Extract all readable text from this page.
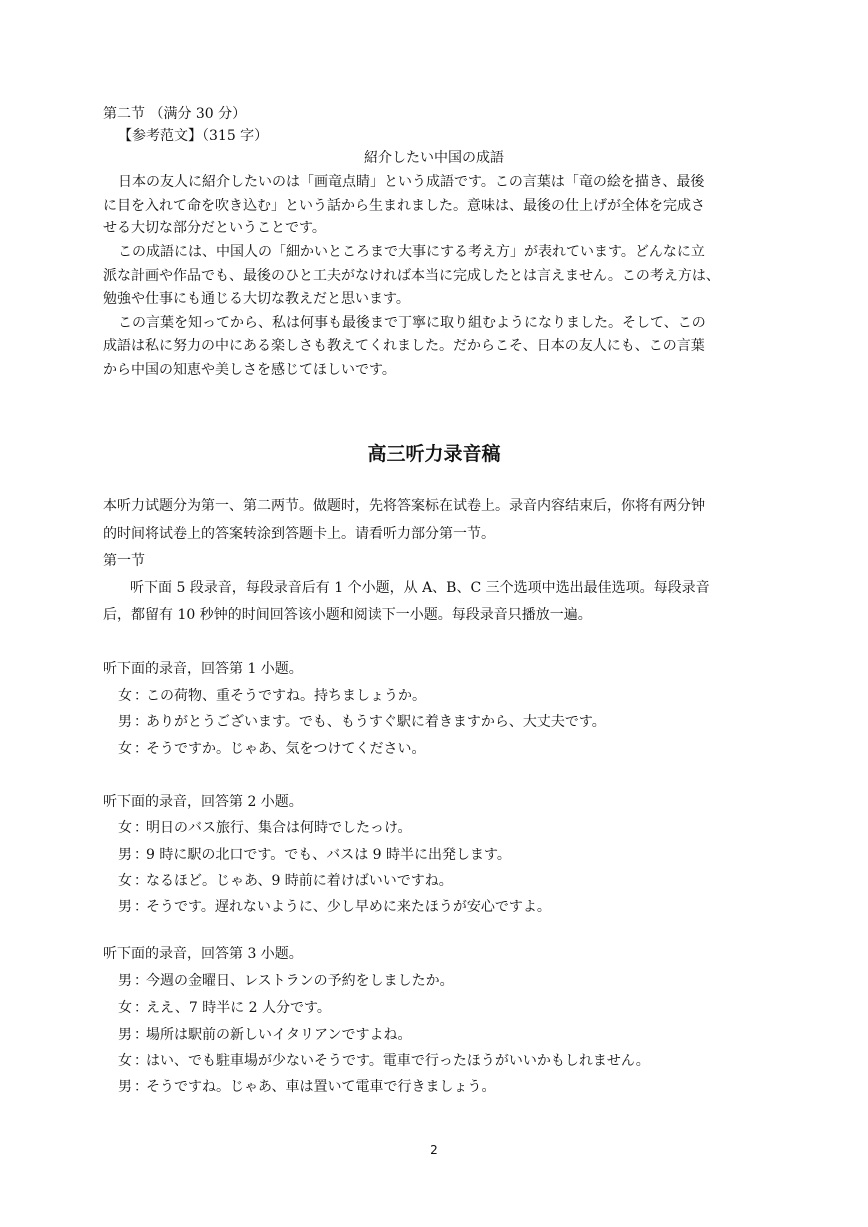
第二节 （满分 30 分）
【参考范文】（315 字）
紹介したい中国の成語
日本の友人に紹介したいのは「画竜点睛」という成語です。この言葉は「竜の絵を描き、最後
に目を入れて命を吹き込む」という話から生まれました。意味は、最後の仕上げが全体を完成さ
せる大切な部分だということです。
この成語には、中国人の「細かいところまで大事にする考え方」が表れています。どんなに立
派な計画や作品でも、最後のひと工夫がなければ本当に完成したとは言えません。この考え方は、
勉強や仕事にも通じる大切な教えだと思います。
この言葉を知ってから、私は何事も最後まで丁寧に取り組むようになりました。そして、この
成語は私に努力の中にある楽しさも教えてくれました。だからこそ、日本の友人にも、この言葉
から中国の知恵や美しさを感じてほしいです。
高三听力录音稿
本听力试题分为第一、第二两节。做题时，先将答案标在试卷上。录音内容结束后，你将有两分钟
的时间将试卷上的答案转涂到答题卡上。请看听力部分第一节。
第一节
听下面 5 段录音，每段录音后有 1 个小题，从 A、B、C 三个选项中选出最佳选项。每段录音
后，都留有 10 秒钟的时间回答该小题和阅读下一小题。每段录音只播放一遍。
听下面的录音，回答第 1 小题。
女 ：この荷物、重そうですね。持ちましょうか。
男 ：ありがとうございます。でも、もうすぐ駅に着きますから、大丈夫です。
女 ：そうですか。じゃあ、気をつけてください。
听下面的录音，回答第 2 小题。
女 ：明日のバス旅行、集合は何時でしたっけ。
男 ：9 時に駅の北口です。でも、バスは 9 時半に出発します。
女 ：なるほど。じゃあ、9 時前に着けばいいですね。
男 ：そうです。遅れないように、少し早めに来たほうが安心ですよ。
听下面的录音，回答第 3 小题。
男 ：今週の金曜日、レストランの予約をしましたか。
女 ：ええ、7 時半に 2 人分です。
男 ：場所は駅前の新しいイタリアンですよね。
女 ：はい、でも駐車場が少ないそうです。電車で行ったほうがいいかもしれません。
男 ：そうですね。じゃあ、車は置いて電車で行きましょう。
2
